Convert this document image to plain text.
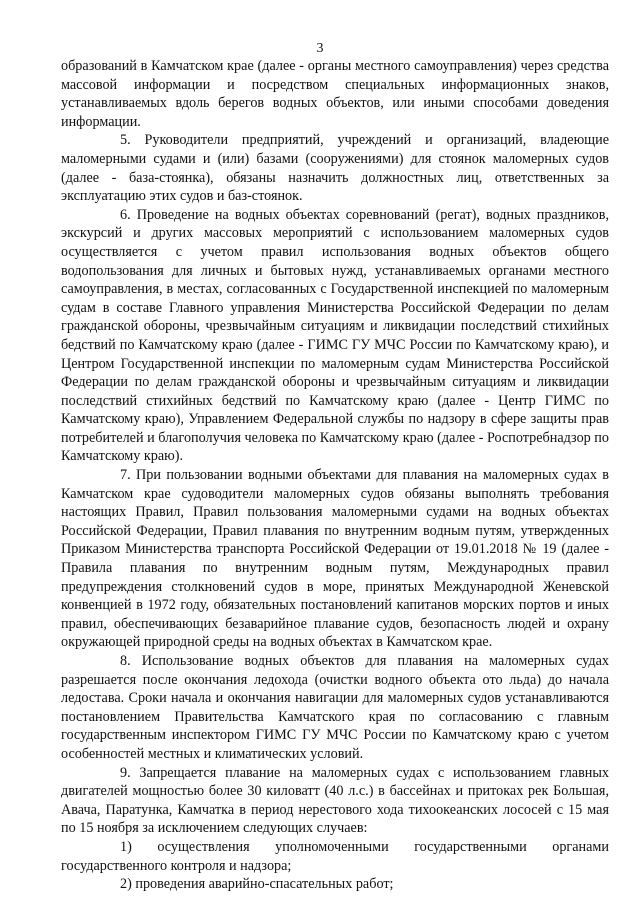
3

образований в Камчатском крае (далее - органы местного самоуправления) через средства массовой информации и посредством специальных информационных знаков, устанавливаемых вдоль берегов водных объектов, или иными способами доведения информации.

5. Руководители предприятий, учреждений и организаций, владеющие маломерными судами и (или) базами (сооружениями) для стоянок маломерных судов (далее - база-стоянка), обязаны назначить должностных лиц, ответственных за эксплуатацию этих судов и баз-стоянок.

6. Проведение на водных объектах соревнований (регат), водных праздников, экскурсий и других массовых мероприятий с использованием маломерных судов осуществляется с учетом правил использования водных объектов общего водопользования для личных и бытовых нужд, устанавливаемых органами местного самоуправления, в местах, согласованных с Государственной инспекцией по маломерным судам в составе Главного управления Министерства Российской Федерации по делам гражданской обороны, чрезвычайным ситуациям и ликвидации последствий стихийных бедствий по Камчатскому краю (далее - ГИМС ГУ МЧС России по Камчатскому краю), и Центром Государственной инспекции по маломерным судам Министерства Российской Федерации по делам гражданской обороны и чрезвычайным ситуациям и ликвидации последствий стихийных бедствий по Камчатскому краю (далее - Центр ГИМС по Камчатскому краю), Управлением Федеральной службы по надзору в сфере защиты прав потребителей и благополучия человека по Камчатскому краю (далее - Роспотребнадзор по Камчатскому краю).

7. При пользовании водными объектами для плавания на маломерных судах в Камчатском крае судоводители маломерных судов обязаны выполнять требования настоящих Правил, Правил пользования маломерными судами на водных объектах Российской Федерации, Правил плавания по внутренним водным путям, утвержденных Приказом Министерства транспорта Российской Федерации от 19.01.2018 № 19 (далее - Правила плавания по внутренним водным путям, Международных правил предупреждения столкновений судов в море, принятых Международной Женевской конвенцией в 1972 году, обязательных постановлений капитанов морских портов и иных правил, обеспечивающих безаварийное плавание судов, безопасность людей и охрану окружающей природной среды на водных объектах в Камчатском крае.

8. Использование водных объектов для плавания на маломерных судах разрешается после окончания ледохода (очистки водного объекта ото льда) до начала ледостава. Сроки начала и окончания навигации для маломерных судов устанавливаются постановлением Правительства Камчатского края по согласованию с главным государственным инспектором ГИМС ГУ МЧС России по Камчатскому краю с учетом особенностей местных и климатических условий.

9. Запрещается плавание на маломерных судах с использованием главных двигателей мощностью более 30 киловатт (40 л.с.) в бассейнах и притоках рек Большая, Авача, Паратунка, Камчатка в период нерестового хода тихоокеанских лососей с 15 мая по 15 ноября за исключением следующих случаев:

1) осуществления уполномоченными государственными органами государственного контроля и надзора;

2) проведения аварийно-спасательных работ;
